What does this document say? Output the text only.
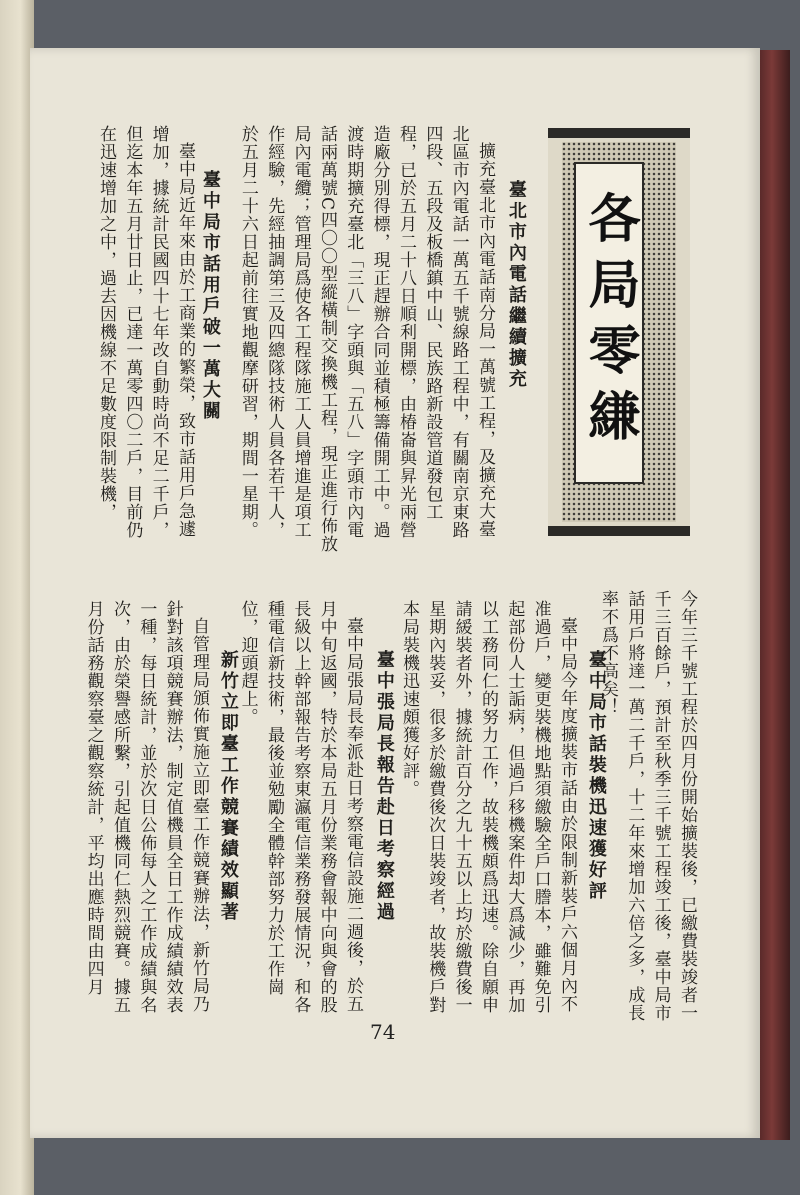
各局零縑
臺北市內電話繼續擴充
擴充臺北市內電話南分局一萬號工程，及擴充大臺北區市內電話一萬五千號線路工程中，有關南京東路四段、五段及板橋鎮中山、民族路新設管道發包工程，已於五月二十八日順利開標，由椿崙與昇光兩營造廠分別得標，現正趕辦合同並積極籌備開工中。過渡時期擴充臺北「三八」字頭與「五八」字頭市內電話兩萬號C四〇〇型縱橫制交換機工程，現正進行佈放局內電纜；管理局爲使各工程隊施工人員增進是項工作經驗，先經抽調第三及四總隊技術人員各若干人，於五月二十六日起前往實地觀摩研習，期間一星期。
臺中局市話用戶破一萬大關
臺中局近年來由於工商業的繁榮，致市話用戶急遽增加，據統計民國四十七年改自動時尚不足二千戶，但迄本年五月廿日止，已達一萬零四〇二戶，目前仍在迅速增加之中，過去因機線不足數度限制裝機，
今年三千號工程於四月份開始擴裝後，已繳費裝竣者一千三百餘戶，預計至秋季三千號工程竣工後，臺中局市話用戶將達一萬二千戶，十二年來增加六倍之多，成長率不爲不高矣！
臺中局市話裝機迅速獲好評
臺中局今年度擴裝市話由於限制新裝戶六個月內不准過戶，變更裝機地點須繳驗全戶口謄本，雖難免引起部份人士詬病，但過戶移機案件却大爲減少，再加以工務同仁的努力工作，故裝機頗爲迅速。除自願申請緩裝者外，據統計百分之九十五以上均於繳費後一星期內裝妥，很多於繳費後次日裝竣者，故裝機戶對本局裝機迅速頗獲好評。
臺中張局長報告赴日考察經過
臺中局張局長奉派赴日考察電信設施二週後，於五月中旬返國，特於本局五月份業務會報中向與會的股長級以上幹部報告考察東瀛電信業務發展情況，和各種電信新技術，最後並勉勵全體幹部努力於工作崗位，迎頭趕上。
新竹立即臺工作競賽績效顯著
自管理局頒佈實施立即臺工作競賽辦法，新竹局乃針對該項競賽辦法，制定值機員全日工作成績績效表一種，每日統計，並於次日公佈每人之工作成績與名次，由於榮譽感所繫，引起值機同仁熱烈競賽。據五月份話務觀察臺之觀察統計，平均出應時間由四月
74
